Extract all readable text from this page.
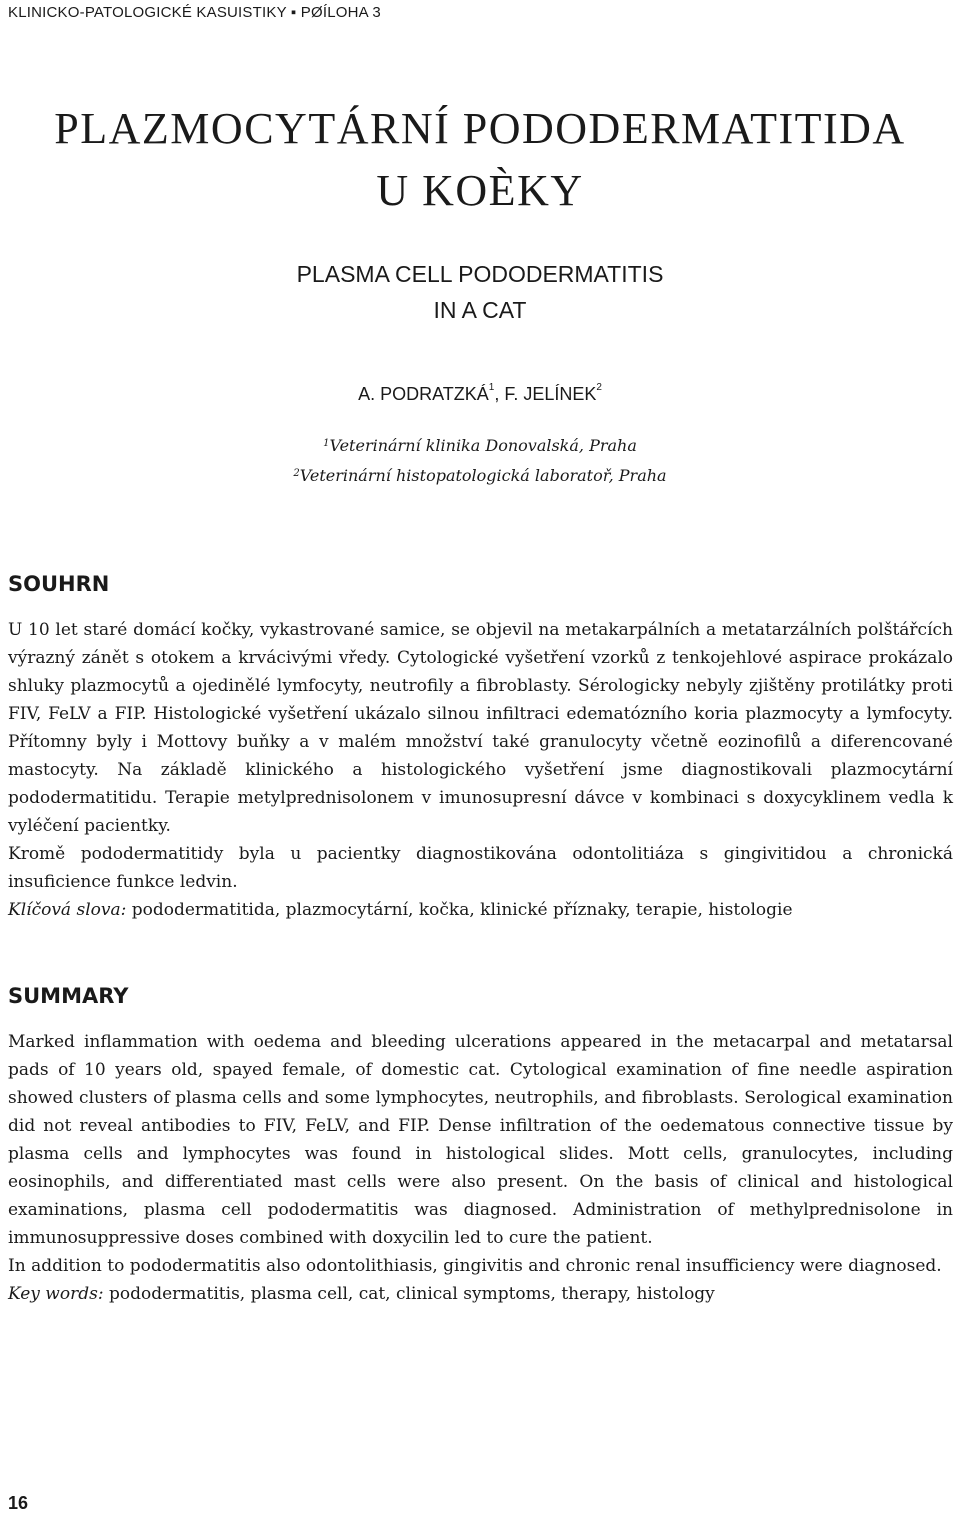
KLINICKO-PATOLOGICKÉ KASUISTIKY ▪ PØÍLOHA 3
PLAZMOCYTÁRNÍ PODODERMATITIDA
U KOÈKY
PLASMA CELL PODODERMATITIS
IN A CAT
A. PODRATZKÁ$^1$, F. JELÍNEK$^2$
$^1$Veterinární klinika Donovalská, Praha
$^2$Veterinární histopatologická laboratoř, Praha
SOUHRN

U 10 let staré domácí kočky, vykastrované samice, se objevil na metakarpálních a metatarzálních polštářcích výrazný zánět s otokem a krvácivými vředy. Cytologické vyšetření vzorků z tenkojehlové aspirace prokázalo shluky plazmocytů a ojedinělé lymfocyty, neutrofily a fibroblasty. Sérologicky nebyly zjištěny protilátky proti FIV, FeLV a FIP. Histologické vyšetření ukázalo silnou infiltraci edematózního koria plazmocyty a lymfocyty. Přítomny byly i Mottovy buňky a v malém množství také granulocyty včetně eozinofilů a diferencované mastocyty. Na základě klinického a histologického vyšetření jsme diagnostikovali plazmocytární pododermatitidu. Terapie metylprednisolonem v imunosupresní dávce v kombinaci s doxycyklinem vedla k vyléčení pacientky.

Kromě pododermatitidy byla u pacientky diagnostikována odontolitiáza s gingivitidou a chronická insuficience funkce ledvin.

Klíčová slova: pododermatitida, plazmocytární, kočka, klinické příznaky, terapie, histologie

SUMMARY

Marked inflammation with oedema and bleeding ulcerations appeared in the metacarpal and metatarsal pads of 10 years old, spayed female, of domestic cat. Cytological examination of fine needle aspiration showed clusters of plasma cells and some lymphocytes, neutrophils, and fibroblasts. Serological examination did not reveal antibodies to FIV, FeLV, and FIP. Dense infiltration of the oedematous connective tissue by plasma cells and lymphocytes was found in histological slides. Mott cells, granulocytes, including eosinophils, and differentiated mast cells were also present. On the basis of clinical and histological examinations, plasma cell pododermatitis was diagnosed. Administration of methylprednisolone in immunosuppressive doses combined with doxycilin led to cure the patient.

In addition to pododermatitis also odontolithiasis, gingivitis and chronic renal insufficiency were diagnosed.

Key words: pododermatitis, plasma cell, cat, clinical symptoms, therapy, histology

16
